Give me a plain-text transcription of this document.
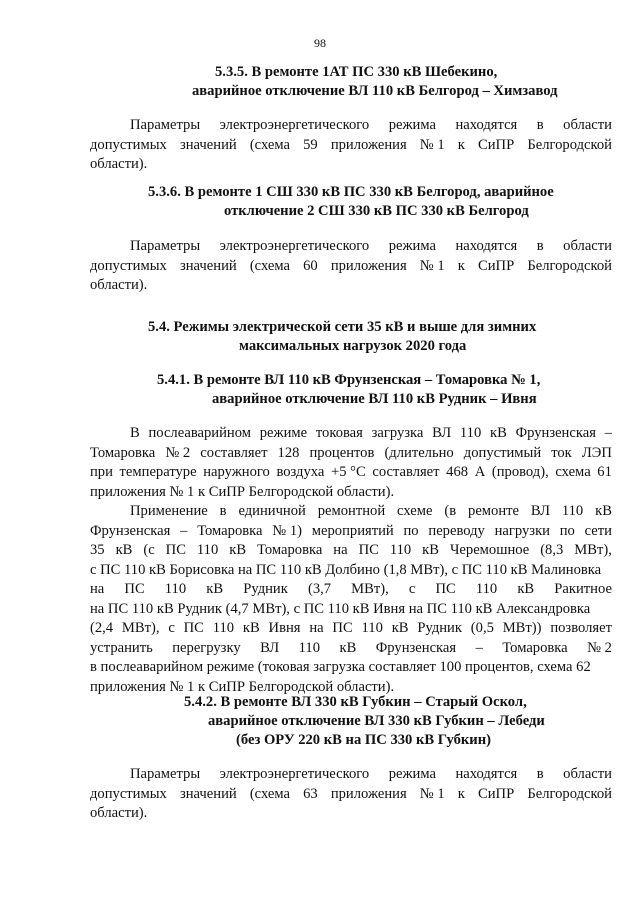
98
5.3.5. В ремонте 1АТ ПС 330 кВ Шебекино,
аварийное отключение ВЛ 110 кВ Белгород – Химзавод
Параметры электроэнергетического режима находятся в области
допустимых значений (схема 59 приложения № 1 к СиПР Белгородской
области).
5.3.6. В ремонте 1 СШ 330 кВ ПС 330 кВ Белгород, аварийное
отключение 2 СШ 330 кВ ПС 330 кВ Белгород
Параметры электроэнергетического режима находятся в области
допустимых значений (схема 60 приложения № 1 к СиПР Белгородской
области).
5.4. Режимы электрической сети 35 кВ и выше для зимних
максимальных нагрузок 2020 года
5.4.1. В ремонте ВЛ 110 кВ Фрунзенская – Томаровка № 1,
аварийное отключение ВЛ 110 кВ Рудник – Ивня
В послеаварийном режиме токовая загрузка ВЛ 110 кВ Фрунзенская –
Томаровка № 2 составляет 128 процентов (длительно допустимый ток ЛЭП
при температуре наружного воздуха +5 °С составляет 468 А (провод), схема 61
приложения № 1 к СиПР Белгородской области).
Применение в единичной ремонтной схеме (в ремонте ВЛ 110 кВ
Фрунзенская – Томаровка № 1) мероприятий по переводу нагрузки по сети
35 кВ (с ПС 110 кВ Томаровка на ПС 110 кВ Черемошное (8,3 МВт),
с ПС 110 кВ Борисовка на ПС 110 кВ Долбино (1,8 МВт), с ПС 110 кВ Малиновка
на ПС 110 кВ Рудник (3,7 МВт), с ПС 110 кВ Ракитное
на ПС 110 кВ Рудник (4,7 МВт), с ПС 110 кВ Ивня на ПС 110 кВ Александровка
(2,4 МВт), с ПС 110 кВ Ивня на ПС 110 кВ Рудник (0,5 МВт)) позволяет
устранить перегрузку ВЛ 110 кВ Фрунзенская – Томаровка № 2
в послеаварийном режиме (токовая загрузка составляет 100 процентов, схема 62
приложения № 1 к СиПР Белгородской области).
5.4.2. В ремонте ВЛ 330 кВ Губкин – Старый Оскол,
аварийное отключение ВЛ 330 кВ Губкин – Лебеди
(без ОРУ 220 кВ на ПС 330 кВ Губкин)
Параметры электроэнергетического режима находятся в области
допустимых значений (схема 63 приложения № 1 к СиПР Белгородской
области).
